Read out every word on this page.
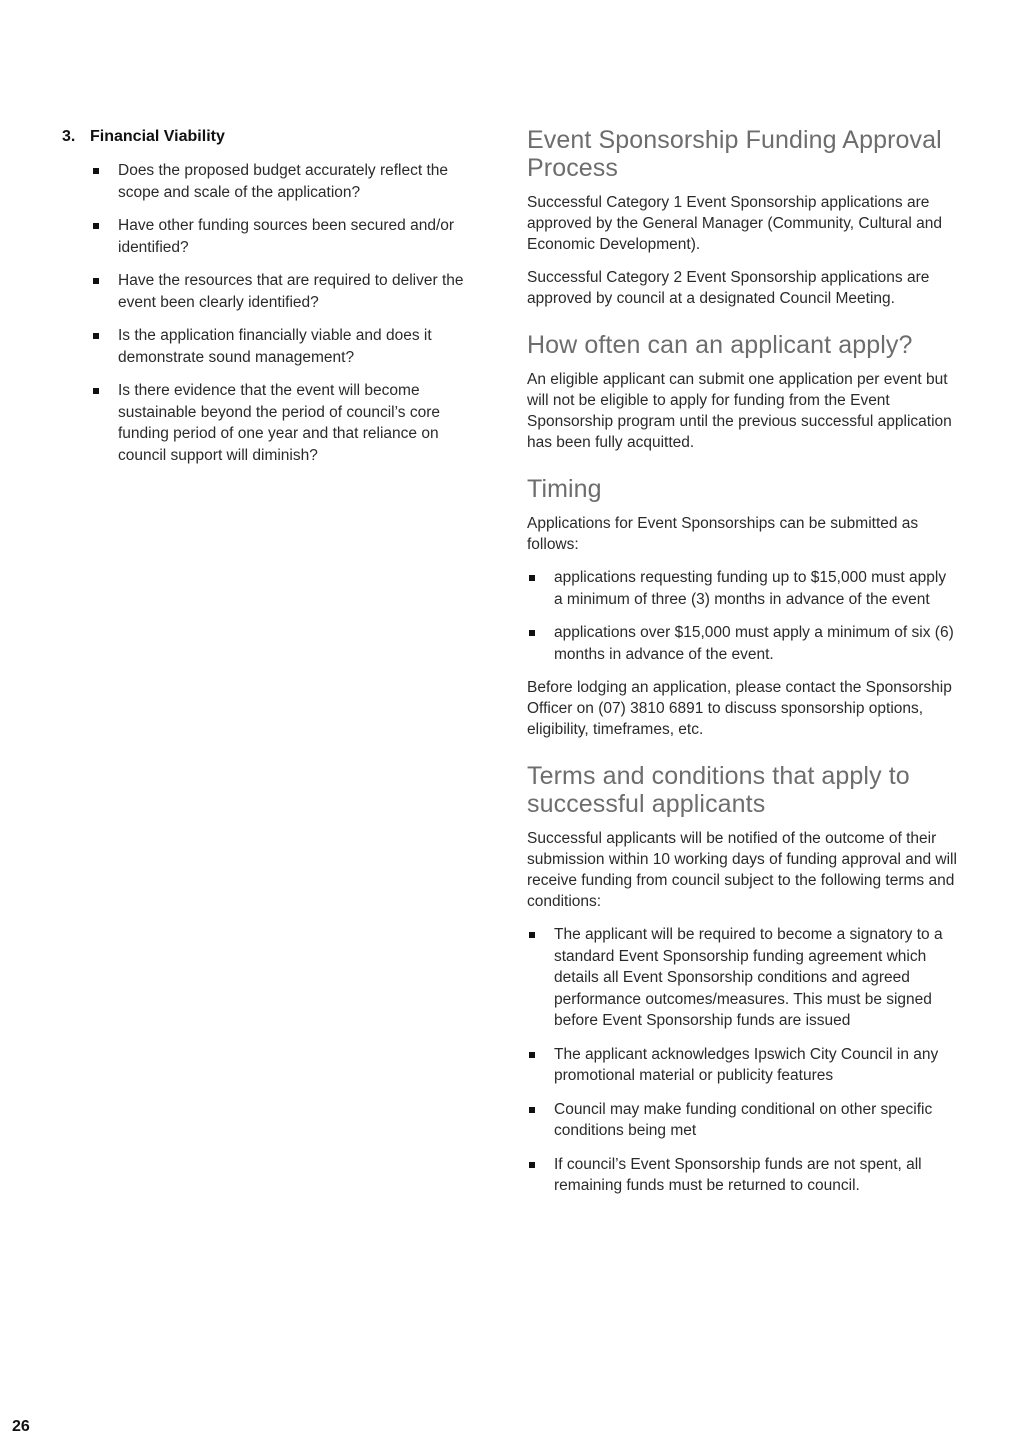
3. Financial Viability
Does the proposed budget accurately reflect the scope and scale of the application?
Have other funding sources been secured and/or identified?
Have the resources that are required to deliver the event been clearly identified?
Is the application financially viable and does it demonstrate sound management?
Is there evidence that the event will become sustainable beyond the period of council’s core funding period of one year and that reliance on council support will diminish?
Event Sponsorship Funding Approval Process

Successful Category 1 Event Sponsorship applications are approved by the General Manager (Community, Cultural and Economic Development).

Successful Category 2 Event Sponsorship applications are approved by council at a designated Council Meeting.

How often can an applicant apply?

An eligible applicant can submit one application per event but will not be eligible to apply for funding from the Event Sponsorship program until the previous successful application has been fully acquitted.

Timing

Applications for Event Sponsorships can be submitted as follows:

applications requesting funding up to $15,000 must apply a minimum of three (3) months in advance of the event
applications over $15,000 must apply a minimum of six (6) months in advance of the event.

Before lodging an application, please contact the Sponsorship Officer on (07) 3810 6891 to discuss sponsorship options, eligibility, timeframes, etc.

Terms and conditions that apply to successful applicants

Successful applicants will be notified of the outcome of their submission within 10 working days of funding approval and will receive funding from council subject to the following terms and conditions:

The applicant will be required to become a signatory to a standard Event Sponsorship funding agreement which details all Event Sponsorship conditions and agreed performance outcomes/measures. This must be signed before Event Sponsorship funds are issued
The applicant acknowledges Ipswich City Council in any promotional material or publicity features
Council may make funding conditional on other specific conditions being met
If council’s Event Sponsorship funds are not spent, all remaining funds must be returned to council.
26
